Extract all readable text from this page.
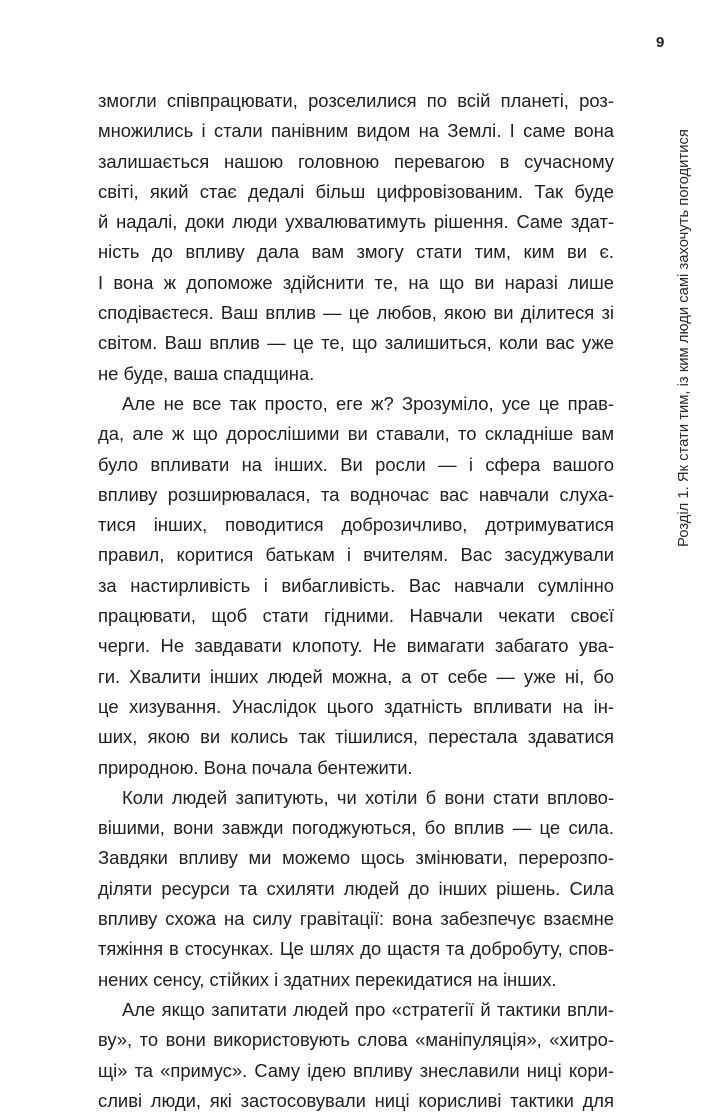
9
Розділ 1. Як стати тим, із ким люди самі захочуть погодитися
змогли співпрацювати, розселилися по всій планеті, роз-
множились і стали панівним видом на Землі. І саме вона
залишається нашою головною перевагою в сучасному
світі, який стає дедалі більш цифровізованим. Так буде
й надалі, доки люди ухвалюватимуть рішення. Саме здат-
ність до впливу дала вам змогу стати тим, ким ви є.
І вона ж допоможе здійснити те, на що ви наразі лише
сподіваєтеся. Ваш вплив — це любов, якою ви ділитеся зі
світом. Ваш вплив — це те, що залишиться, коли вас уже
не буде, ваша спадщина.
Але не все так просто, еге ж? Зрозуміло, усе це прав-
да, але ж що дорослішими ви ставали, то складніше вам
було впливати на інших. Ви росли — і сфера вашого
впливу розширювалася, та водночас вас навчали слуха-
тися інших, поводитися доброзичливо, дотримуватися
правил, коритися батькам і вчителям. Вас засуджували
за настирливість і вибагливість. Вас навчали сумлінно
працювати, щоб стати гідними. Навчали чекати своєї
черги. Не завдавати клопоту. Не вимагати забагато ува-
ги. Хвалити інших людей можна, а от себе — уже ні, бо
це хизування. Унаслідок цього здатність впливати на ін-
ших, якою ви колись так тішилися, перестала здаватися
природною. Вона почала бентежити.
Коли людей запитують, чи хотіли б вони стати вплово-
вішими, вони завжди погоджуються, бо вплив — це сила.
Завдяки впливу ми можемо щось змінювати, перерозпо-
діляти ресурси та схиляти людей до інших рішень. Сила
впливу схожа на силу гравітації: вона забезпечує взаємне
тяжіння в стосунках. Це шлях до щастя та добробуту, спов-
нених сенсу, стійких і здатних перекидатися на інших.
Але якщо запитати людей про «стратегії й тактики впли-
ву», то вони використовують слова «маніпуляція», «хитро-
щі» та «примус». Саму ідею впливу знеславили ниці кори-
сливі люди, які застосовували ниці корисливі тактики для
